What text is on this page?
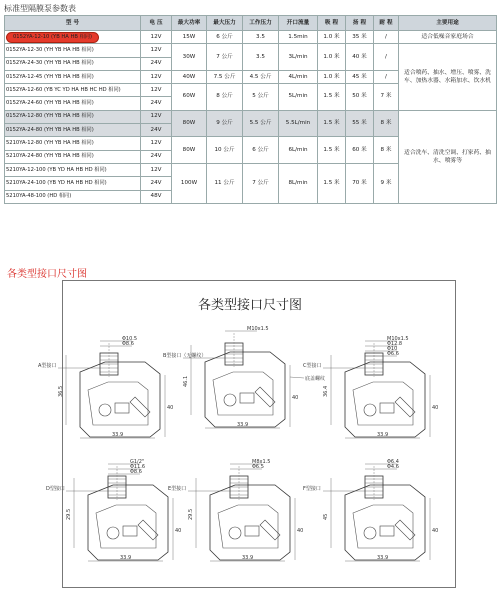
标准型隔膜泵参数表
型 号	电 压	最大功率	最大压力	工作压力	开口流量	吸 程	扬 程	耐 程	主要用途
0152YA-12-10 (YB HA HB 相同)	12V	15W	6 公斤	3.5	1.5min	1.0 米	35 米	/	适合低噪音家庭场合
0152YA-12-30 (YH YB HA HB 相同)	12V	30W	7 公斤	3.5	3L/min	1.0 米	40 米	/	适合喷药、抽水、增压、喷雾、洗车、加热水器、水箱加水、饮水机
0152YA-24-30 (YH YB HA HB 相同)	24V								
0152YA-12-45 (YH YB HA HB 相同)	12V	40W	7.5 公斤	4.5 公斤	4L/min	1.0 米	45 米	/	
0152YA-12-60 (YB YC YD HA HB HC HD 相同)	12V	60W	8 公斤	5 公斤	5L/min	1.5 米	50 米	7 米	
0152YA-24-60 (YH YB HA HB 相同)	24V								
0152YA-12-80 (YH YB HA HB 相同)	12V	80W	9 公斤	5.5 公斤	5.5L/min	1.5 米	55 米	8 米	适合洗车、清洗空调、打家药、抽水、喷雾等
0152YA-24-80 (YH YB HA HB 相同)	24V								
5210YA-12-80 (YH YB HA HB 相同)	12V	80W	10 公斤	6 公斤	6L/min	1.5 米	60 米	8 米	
5210YA-24-80 (YH YB HA HB 相同)	24V								
5210YA-12-100 (YB YD HA HB HD 相同)	12V	100W	11 公斤	7 公斤	8L/min	1.5 米	70 米	9 米	
5210YA-24-100 (YB YD HA HB HD 相同)	24V								
5210YA-48-100 (HD 相同)	48V								
各类型接口尺寸图
各类型接口尺寸图
Φ10.5
Φ8.6
A型接口
36.5
40
33.9
M10x1.5
B型接口（无螺纹）
46.1
40
33.9
M10x1.5
Φ12.8
Φ10
Φ6.6
C型接口
36.4
40
33.9
G1/2"
Φ11.6
Φ8.6
D型接口
29.5
40
33.9
M8x1.5
Φ6.5
E型接口
29.5
40
33.9
Φ6.4
Φ4.6
F型接口
45
40
33.9
底盖螺纹
